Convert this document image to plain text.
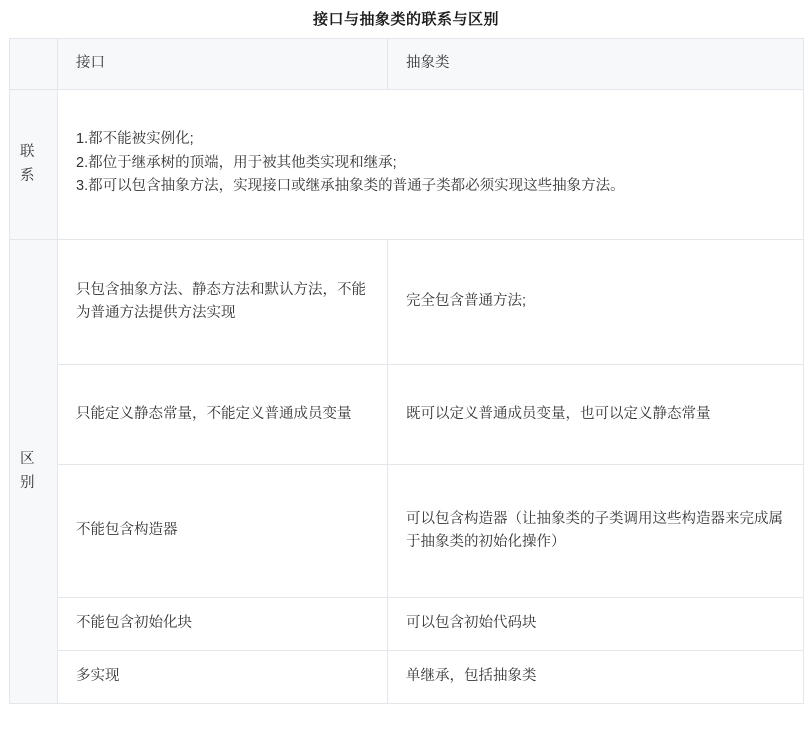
接口与抽象类的联系与区别
	接口	抽象类
联系	1.都不能被实例化;

2.都位于继承树的顶端，用于被其他类实现和继承;

3.都可以包含抽象方法，实现接口或继承抽象类的普通子类都必须实现这些抽象方法。	

区别	只包含抽象方法、静态方法和默认方法，不能为普通方法提供方法实现	完全包含普通方法;
	只能定义静态常量，不能定义普通成员变量	既可以定义普通成员变量，也可以定义静态常量
	不能包含构造器	可以包含构造器（让抽象类的子类调用这些构造器来完成属于抽象类的初始化操作）
	不能包含初始化块	可以包含初始代码块
	多实现	单继承，包括抽象类
